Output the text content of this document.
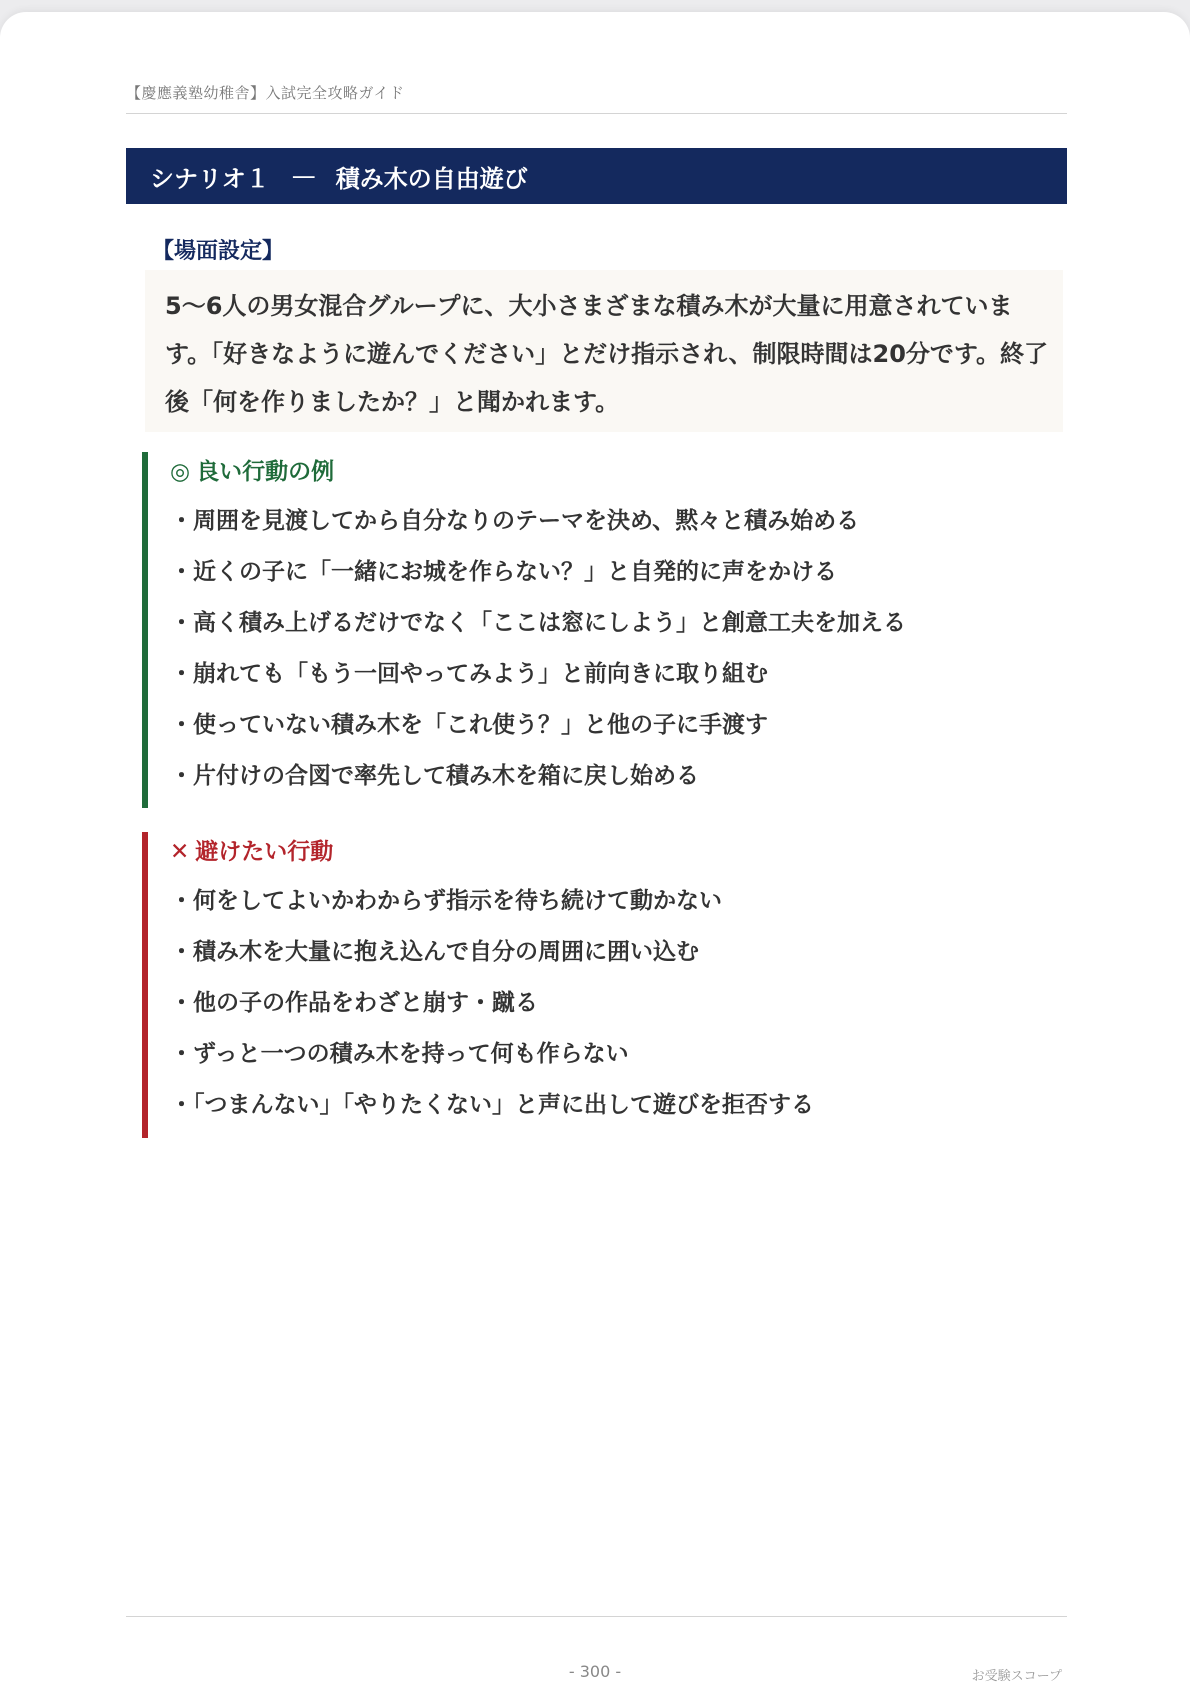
【慶應義塾幼稚舎】入試完全攻略ガイド
シナリオ１ — 積み木の自由遊び
【場面設定】
5〜6人の男女混合グループに、大小さまざまな積み木が大量に用意されています。「好きなように遊んでください」とだけ指示され、制限時間は20分です。終了後「何を作りましたか？」と聞かれます。
◎ 良い行動の例
・周囲を見渡してから自分なりのテーマを決め、黙々と積み始める
・近くの子に「一緒にお城を作らない？」と自発的に声をかける
・高く積み上げるだけでなく「ここは窓にしよう」と創意工夫を加える
・崩れても「もう一回やってみよう」と前向きに取り組む
・使っていない積み木を「これ使う？」と他の子に手渡す
・片付けの合図で率先して積み木を箱に戻し始める
✕ 避けたい行動
・何をしてよいかわからず指示を待ち続けて動かない
・積み木を大量に抱え込んで自分の周囲に囲い込む
・他の子の作品をわざと崩す・蹴る
・ずっと一つの積み木を持って何も作らない
・「つまんない」「やりたくない」と声に出して遊びを拒否する
- 300 -	お受験スコープ
